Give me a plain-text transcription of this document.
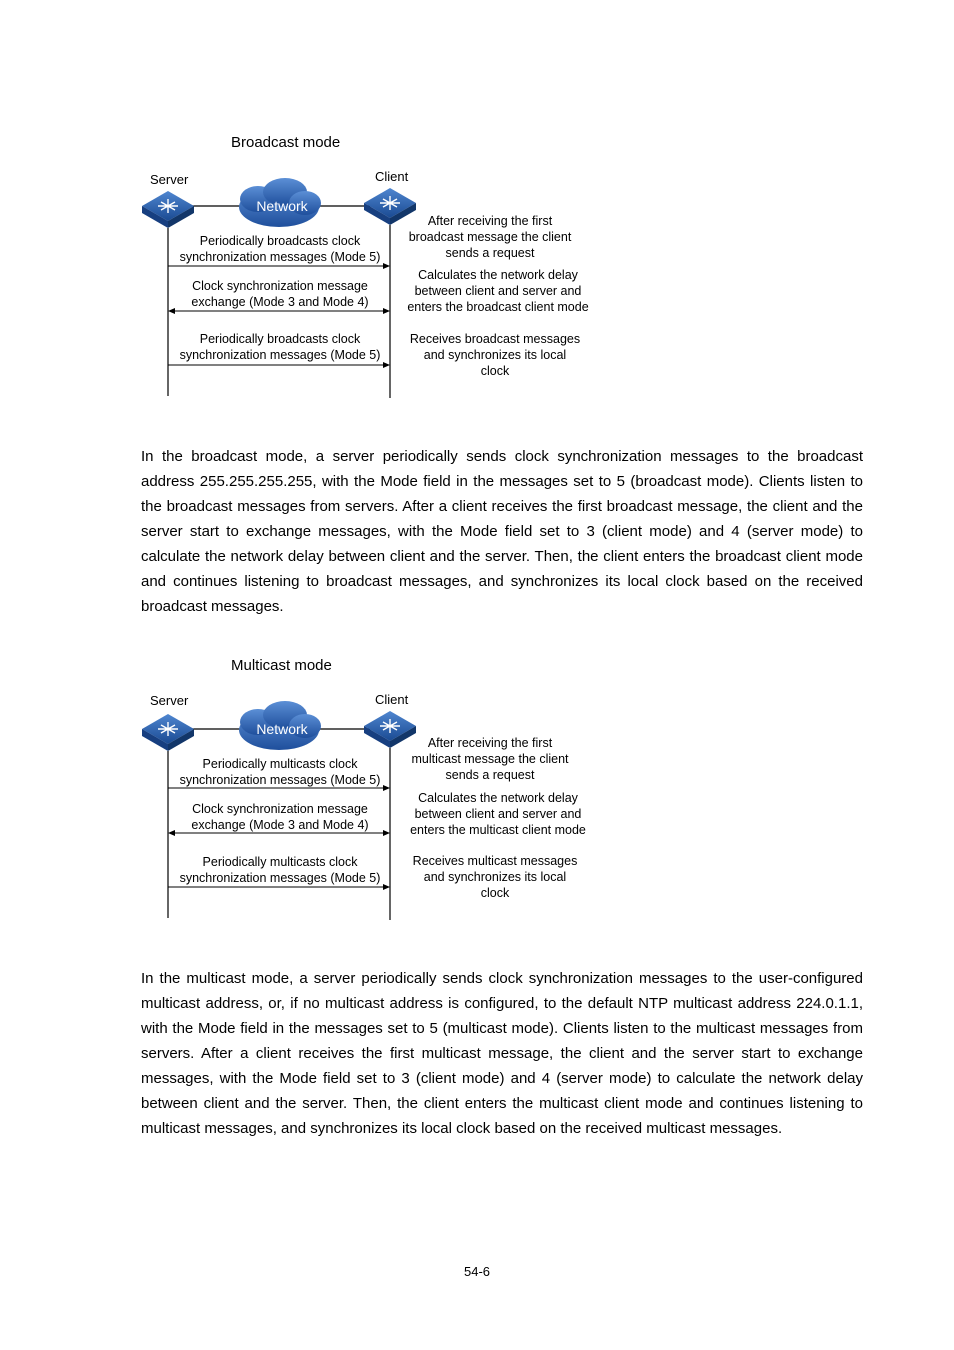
Broadcast mode
Server	Client
Network
Periodically broadcasts clock
synchronization messages (Mode 5)
Clock synchronization message
exchange (Mode 3 and Mode 4)
Periodically broadcasts clock
synchronization messages (Mode 5)
After receiving the first
broadcast message the client
sends a request
Calculates the network delay
between client and server and
enters the broadcast client mode
Receives broadcast messages
and synchronizes its local
clock

In the broadcast mode, a server periodically sends clock synchronization messages to the broadcast address 255.255.255.255, with the Mode field in the messages set to 5 (broadcast mode). Clients listen to the broadcast messages from servers. After a client receives the first broadcast message, the client and the server start to exchange messages, with the Mode field set to 3 (client mode) and 4 (server mode) to calculate the network delay between client and the server. Then, the client enters the broadcast client mode and continues listening to broadcast messages, and synchronizes its local clock based on the received broadcast messages.

Multicast mode
Server	Client
Network
Periodically multicasts clock
synchronization messages (Mode 5)
Clock synchronization message
exchange (Mode 3 and Mode 4)
Periodically multicasts clock
synchronization messages (Mode 5)
After receiving the first
multicast message the client
sends a request
Calculates the network delay
between client and server and
enters the multicast client mode
Receives multicast messages
and synchronizes its local
clock

In the multicast mode, a server periodically sends clock synchronization messages to the user-configured multicast address, or, if no multicast address is configured, to the default NTP multicast address 224.0.1.1, with the Mode field in the messages set to 5 (multicast mode). Clients listen to the multicast messages from servers. After a client receives the first multicast message, the client and the server start to exchange messages, with the Mode field set to 3 (client mode) and 4 (server mode) to calculate the network delay between client and the server. Then, the client enters the multicast client mode and continues listening to multicast messages, and synchronizes its local clock based on the received multicast messages.

54-6
